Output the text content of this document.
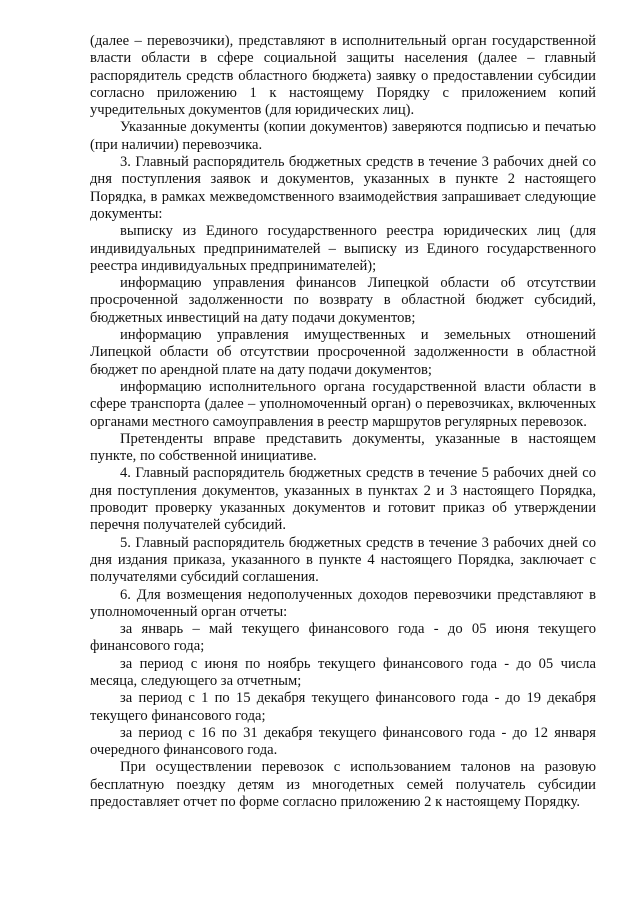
(далее – перевозчики), представляют в исполнительный орган государственной власти области в сфере социальной защиты населения (далее – главный распорядитель средств областного бюджета) заявку о предоставлении субсидии согласно приложению 1 к настоящему Порядку с приложением копий учредительных документов (для юридических лиц).

Указанные документы (копии документов) заверяются подписью и печатью (при наличии) перевозчика.

3. Главный распорядитель бюджетных средств в течение 3 рабочих дней со дня поступления заявок и документов, указанных в пункте 2 настоящего Порядка, в рамках межведомственного взаимодействия запрашивает следующие документы:

выписку из Единого государственного реестра юридических лиц (для индивидуальных предпринимателей – выписку из Единого государственного реестра индивидуальных предпринимателей);

информацию управления финансов Липецкой области об отсутствии просроченной задолженности по возврату в областной бюджет субсидий, бюджетных инвестиций на дату подачи документов;

информацию управления имущественных и земельных отношений Липецкой области об отсутствии просроченной задолженности в областной бюджет по арендной плате на дату подачи документов;

информацию исполнительного органа государственной власти области в сфере транспорта (далее – уполномоченный орган) о перевозчиках, включенных органами местного самоуправления в реестр маршрутов регулярных перевозок.

Претенденты вправе представить документы, указанные в настоящем пункте, по собственной инициативе.

4. Главный распорядитель бюджетных средств в течение 5 рабочих дней со дня поступления документов, указанных в пунктах 2 и 3 настоящего Порядка, проводит проверку указанных документов и готовит приказ об утверждении перечня получателей субсидий.

5. Главный распорядитель бюджетных средств в течение 3 рабочих дней со дня издания приказа, указанного в пункте 4 настоящего Порядка, заключает с получателями субсидий соглашения.

6. Для возмещения недополученных доходов перевозчики представляют в уполномоченный орган отчеты:

за январь – май текущего финансового года - до 05 июня текущего финансового года;

за период с июня по ноябрь текущего финансового года - до 05 числа месяца, следующего за отчетным;

за период с 1 по 15 декабря текущего финансового года - до 19 декабря текущего финансового года;

за период с 16 по 31 декабря текущего финансового года - до 12 января очередного финансового года.

При осуществлении перевозок с использованием талонов на разовую бесплатную поездку детям из многодетных семей получатель субсидии предоставляет отчет по форме согласно приложению 2 к настоящему Порядку.
